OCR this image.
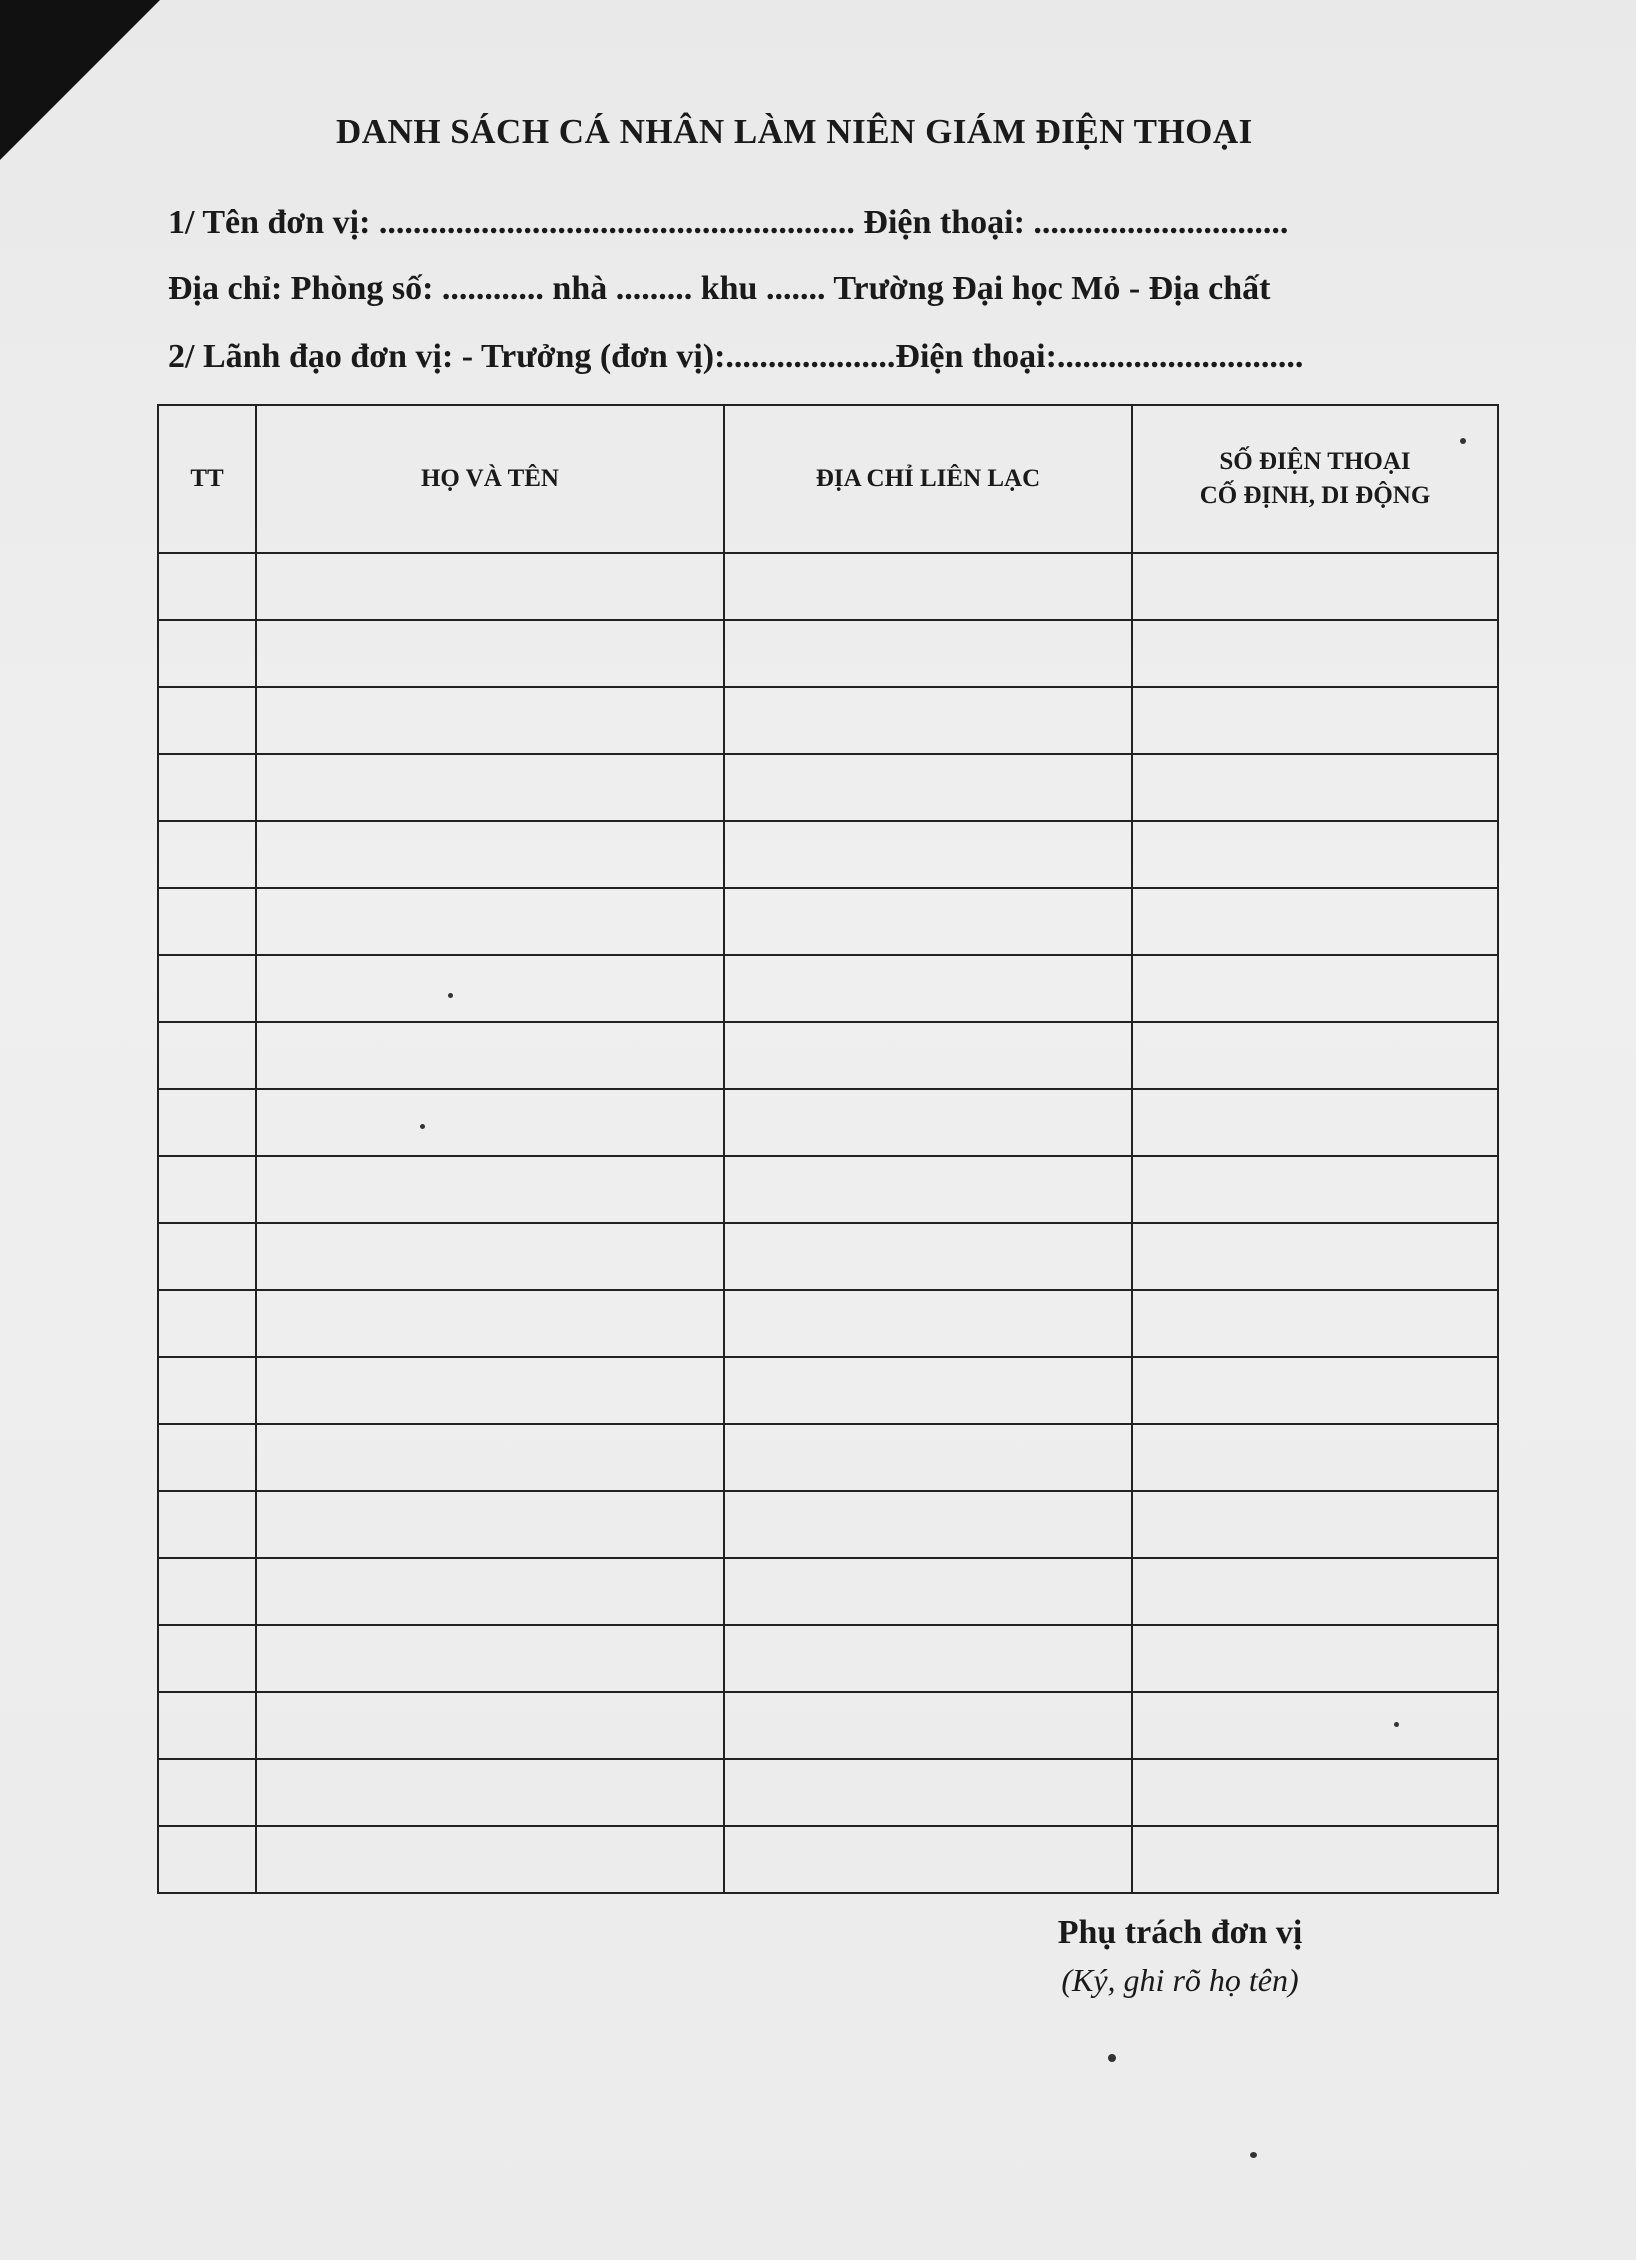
DANH SÁCH CÁ NHÂN LÀM NIÊN GIÁM ĐIỆN THOẠI
1/ Tên đơn vị: ........................................................ Điện thoại: ..............................
Địa chỉ: Phòng số: ............ nhà ......... khu ....... Trường Đại học Mỏ - Địa chất
2/ Lãnh đạo đơn vị: - Trưởng (đơn vị):....................Điện thoại:.............................
TT	HỌ VÀ TÊN	ĐỊA CHỈ LIÊN LẠC	SỐ ĐIỆN THOẠI
CỐ ĐỊNH, DI ĐỘNG

Phụ trách đơn vị
(Ký, ghi rõ họ tên)
